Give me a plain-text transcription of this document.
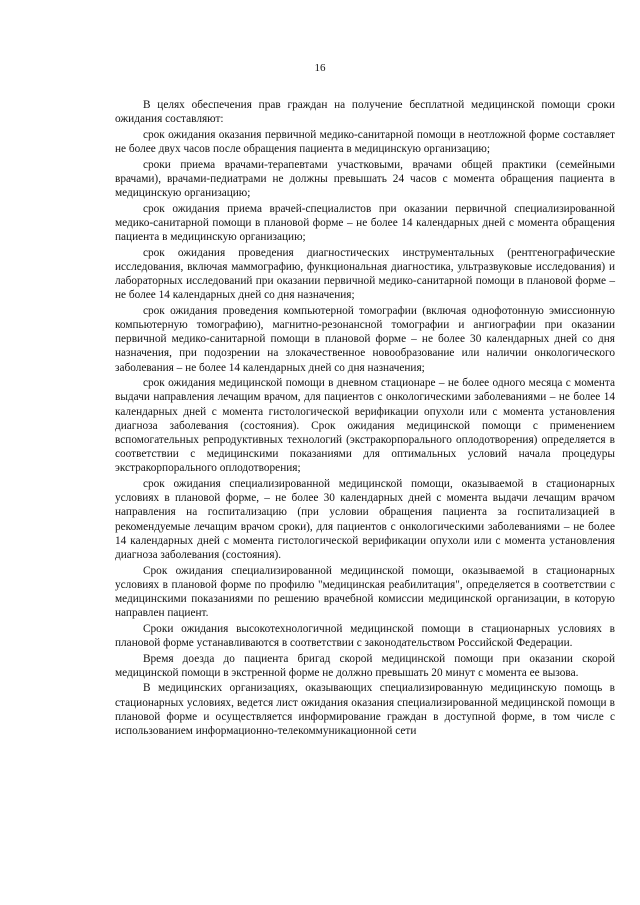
16

В целях обеспечения прав граждан на получение бесплатной медицинской помощи сроки ожидания составляют:

срок ожидания оказания первичной медико-санитарной помощи в неотложной форме составляет не более двух часов после обращения пациента в медицинскую организацию;

сроки приема врачами-терапевтами участковыми, врачами общей практики (семейными врачами), врачами-педиатрами не должны превышать 24 часов с момента обращения пациента в медицинскую организацию;

срок ожидания приема врачей-специалистов при оказании первичной специализированной медико-санитарной помощи в плановой форме – не более 14 календарных дней с момента обращения пациента в медицинскую организацию;

срок ожидания проведения диагностических инструментальных (рентгенографические исследования, включая маммографию, функциональная диагностика, ультразвуковые исследования) и лабораторных исследований при оказании первичной медико-санитарной помощи в плановой форме – не более 14 календарных дней со дня назначения;

срок ожидания проведения компьютерной томографии (включая однофотонную эмиссионную компьютерную томографию), магнитно-резонансной томографии и ангиографии при оказании первичной медико-санитарной помощи в плановой форме – не более 30 календарных дней со дня назначения, при подозрении на злокачественное новообразование или наличии онкологического заболевания – не более 14 календарных дней со дня назначения;

срок ожидания медицинской помощи в дневном стационаре – не более одного месяца с момента выдачи направления лечащим врачом, для пациентов с онкологическими заболеваниями – не более 14 календарных дней с момента гистологической верификации опухоли или с момента установления диагноза заболевания (состояния). Срок ожидания медицинской помощи с применением вспомогательных репродуктивных технологий (экстракорпорального оплодотворения) определяется в соответствии с медицинскими показаниями для оптимальных условий начала процедуры экстракорпорального оплодотворения;

срок ожидания специализированной медицинской помощи, оказываемой в стационарных условиях в плановой форме, – не более 30 календарных дней с момента выдачи лечащим врачом направления на госпитализацию (при условии обращения пациента за госпитализацией в рекомендуемые лечащим врачом сроки), для пациентов с онкологическими заболеваниями – не более 14 календарных дней с момента гистологической верификации опухоли или с момента установления диагноза заболевания (состояния).

Срок ожидания специализированной медицинской помощи, оказываемой в стационарных условиях в плановой форме по профилю "медицинская реабилитация", определяется в соответствии с медицинскими показаниями по решению врачебной комиссии медицинской организации, в которую направлен пациент.

Сроки ожидания высокотехнологичной медицинской помощи в стационарных условиях в плановой форме устанавливаются в соответствии с законодательством Российской Федерации.

Время доезда до пациента бригад скорой медицинской помощи при оказании скорой медицинской помощи в экстренной форме не должно превышать 20 минут с момента ее вызова.

В медицинских организациях, оказывающих специализированную медицинскую помощь в стационарных условиях, ведется лист ожидания оказания специализированной медицинской помощи в плановой форме и осуществляется информирование граждан в доступной форме, в том числе с использованием информационно-телекоммуникационной сети
